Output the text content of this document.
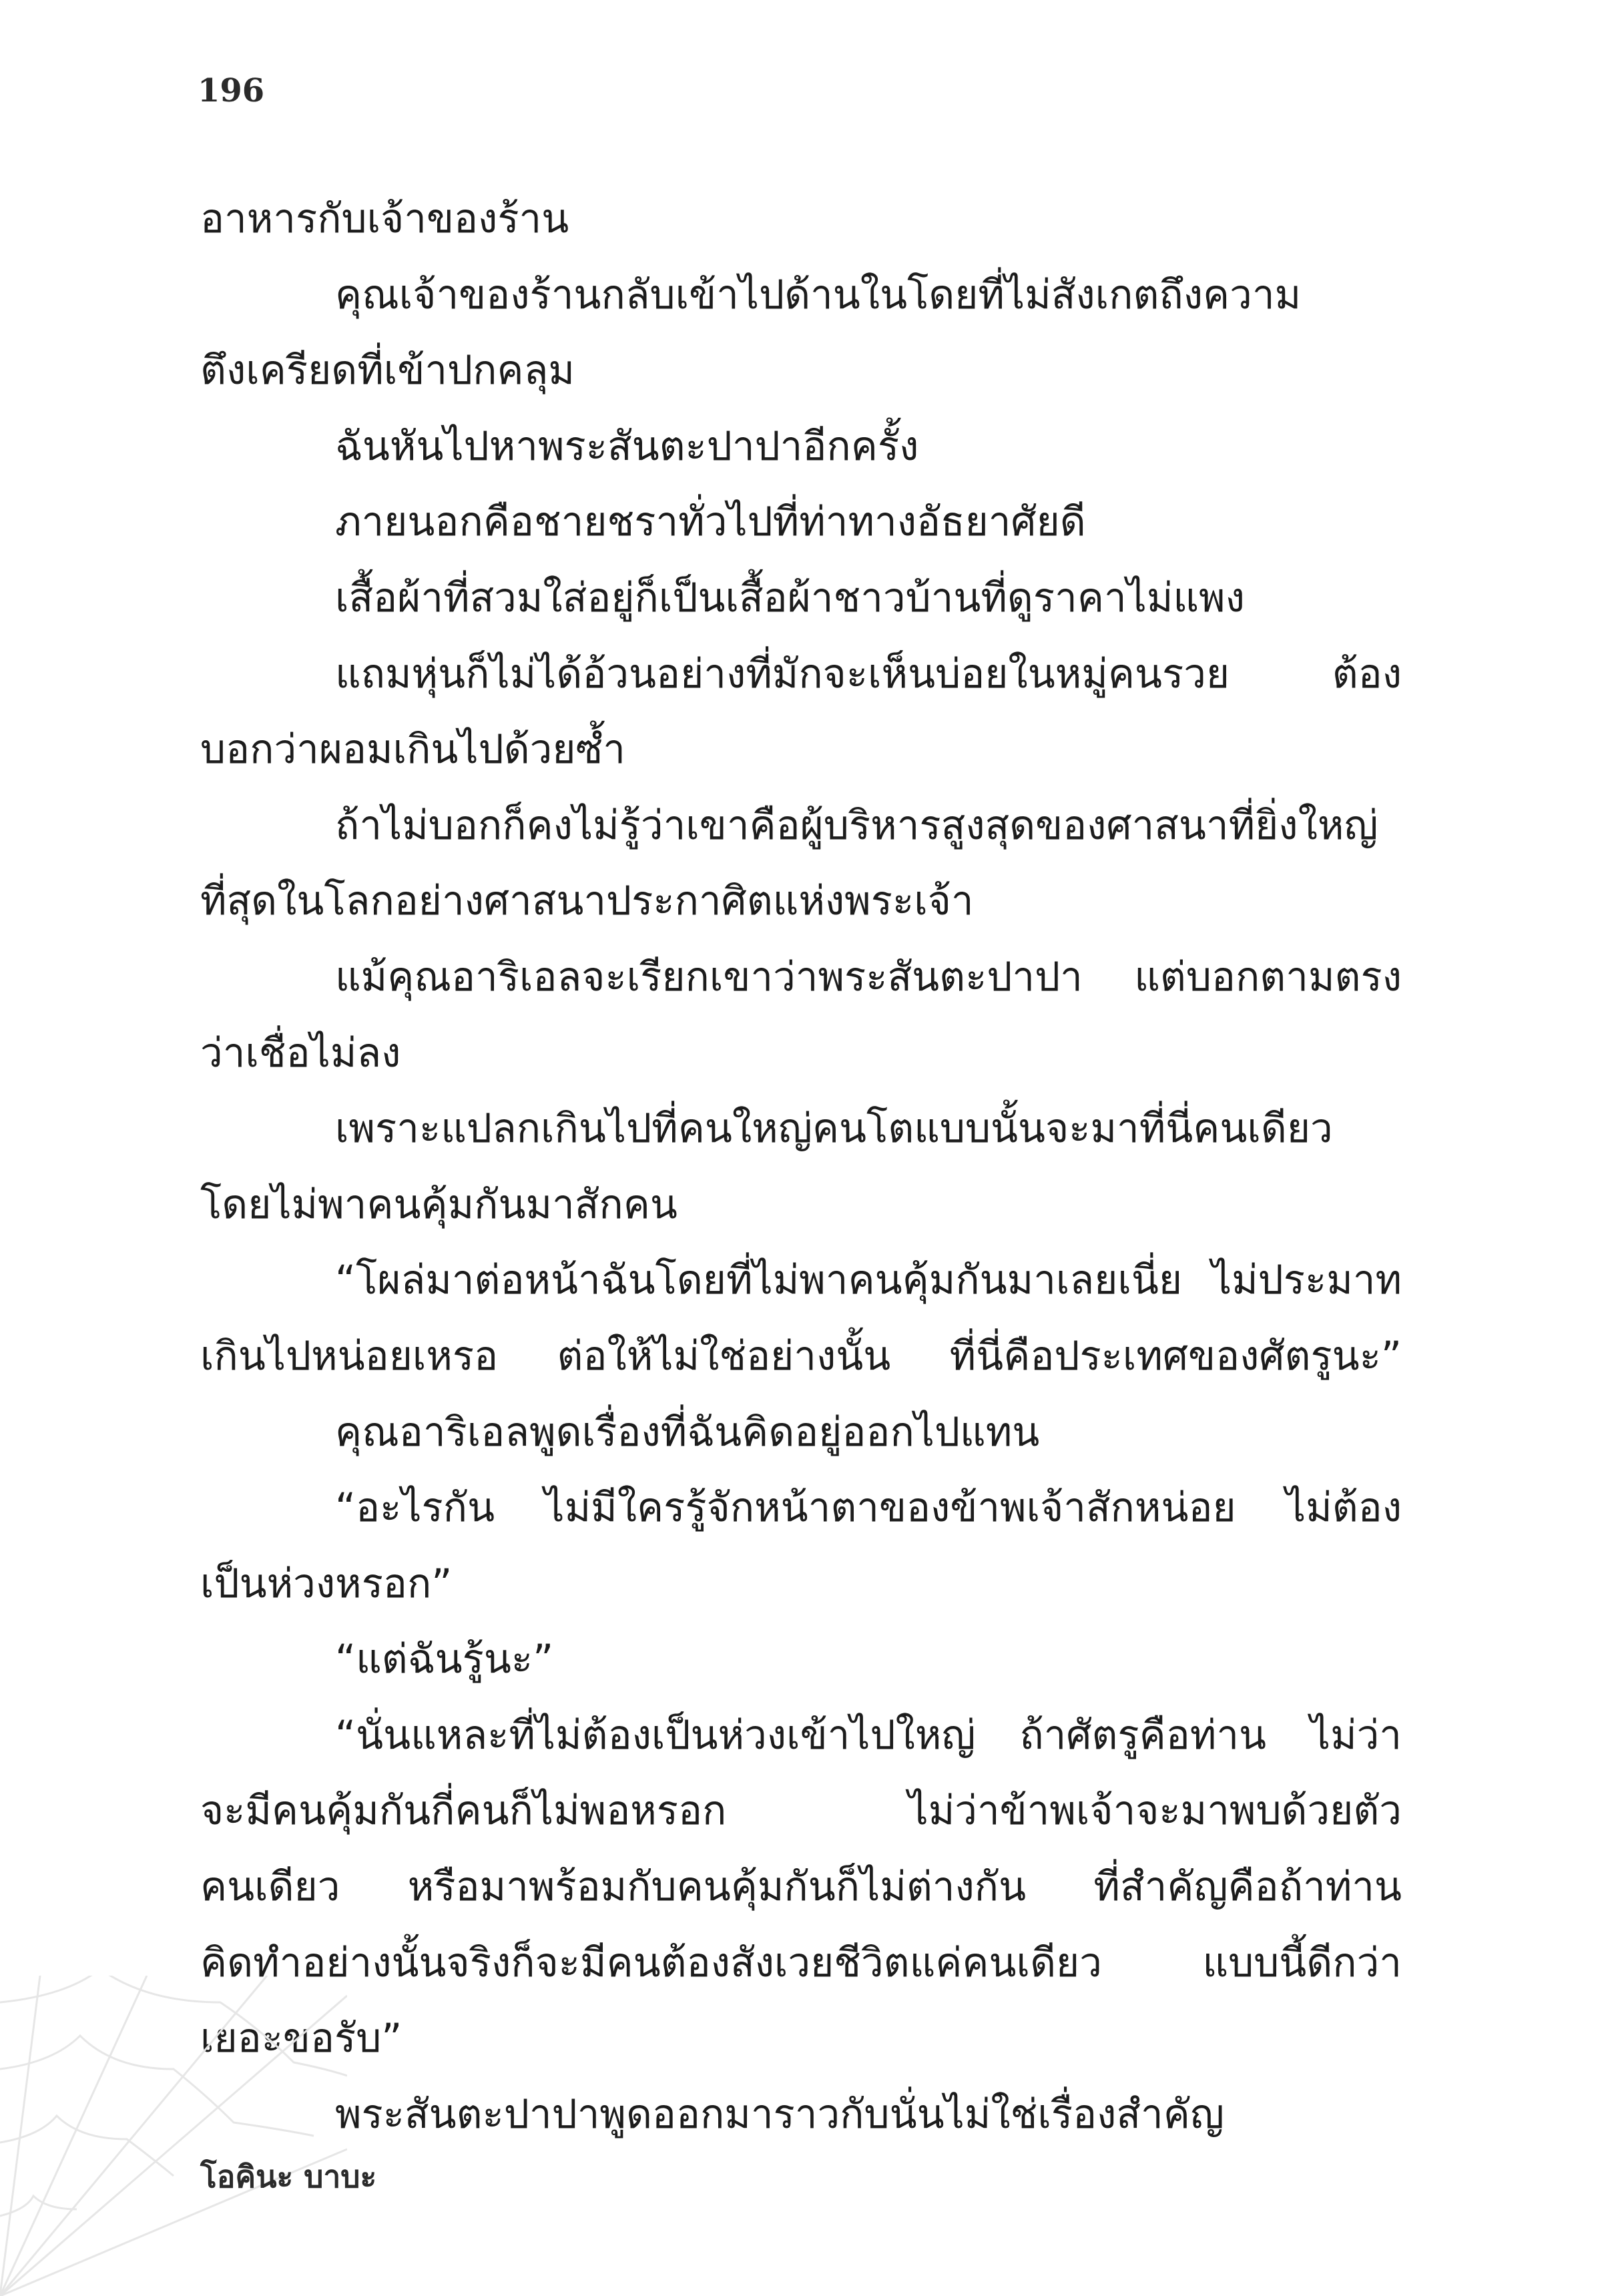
196
อาหารกับเจ้าของร้าน
คุณเจ้าของร้านกลับเข้าไปด้านในโดยที่ไม่สังเกตถึงความ
ตึงเครียดที่เข้าปกคลุม
ฉันหันไปหาพระสันตะปาปาอีกครั้ง
ภายนอกคือชายชราทั่วไปที่ท่าทางอัธยาศัยดี
เสื้อผ้าที่สวมใส่อยู่ก็เป็นเสื้อผ้าชาวบ้านที่ดูราคาไม่แพง
แถมหุ่นก็ไม่ได้อ้วนอย่างที่มักจะเห็นบ่อยในหมู่คนรวย ต้อง
บอกว่าผอมเกินไปด้วยซ้ำ
ถ้าไม่บอกก็คงไม่รู้ว่าเขาคือผู้บริหารสูงสุดของศาสนาที่ยิ่งใหญ่
ที่สุดในโลกอย่างศาสนาประกาศิตแห่งพระเจ้า
แม้คุณอาริเอลจะเรียกเขาว่าพระสันตะปาปา แต่บอกตามตรง
ว่าเชื่อไม่ลง
เพราะแปลกเกินไปที่คนใหญ่คนโตแบบนั้นจะมาที่นี่คนเดียว
โดยไม่พาคนคุ้มกันมาสักคน
“โผล่มาต่อหน้าฉันโดยที่ไม่พาคนคุ้มกันมาเลยเนี่ย ไม่ประมาท
เกินไปหน่อยเหรอ ต่อให้ไม่ใช่อย่างนั้น ที่นี่คือประเทศของศัตรูนะ”
คุณอาริเอลพูดเรื่องที่ฉันคิดอยู่ออกไปแทน
“อะไรกัน ไม่มีใครรู้จักหน้าตาของข้าพเจ้าสักหน่อย ไม่ต้อง
เป็นห่วงหรอก”
“แต่ฉันรู้นะ”
“นั่นแหละที่ไม่ต้องเป็นห่วงเข้าไปใหญ่ ถ้าศัตรูคือท่าน ไม่ว่า
จะมีคนคุ้มกันกี่คนก็ไม่พอหรอก ไม่ว่าข้าพเจ้าจะมาพบด้วยตัว
คนเดียว หรือมาพร้อมกับคนคุ้มกันก็ไม่ต่างกัน ที่สำคัญคือถ้าท่าน
คิดทำอย่างนั้นจริงก็จะมีคนต้องสังเวยชีวิตแค่คนเดียว แบบนี้ดีกว่า
เยอะขอรับ”
พระสันตะปาปาพูดออกมาราวกับนั่นไม่ใช่เรื่องสำคัญ
โอคินะ บาบะ
